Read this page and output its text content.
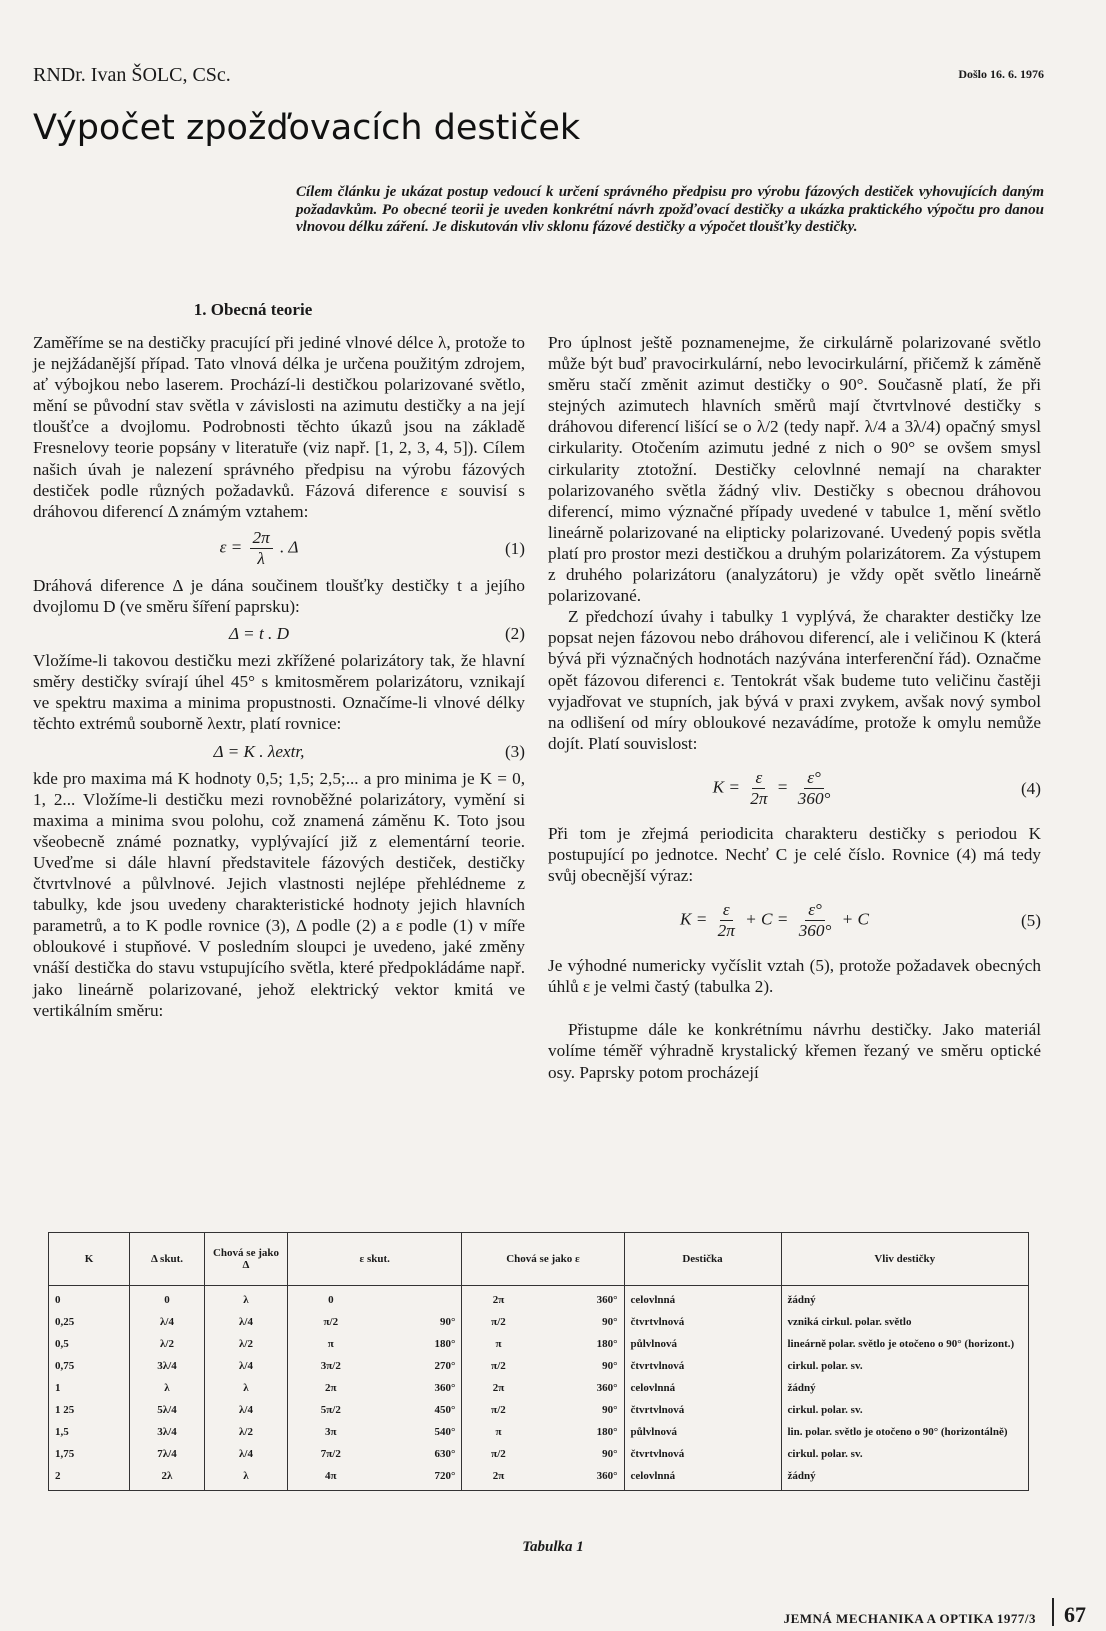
RNDr. Ivan ŠOLC, CSc.	Došlo 16. 6. 1976
Výpočet zpožďovacích destiček
Cílem článku je ukázat postup vedoucí k určení správného předpisu pro výrobu fázových destiček vyhovujících daným požadavkům. Po obecné teorii je uveden konkrétní návrh zpožďovací destičky a ukázka praktického výpočtu pro danou vlnovou délku záření. Je diskutován vliv sklonu fázové destičky a výpočet tloušťky destičky.
1. Obecná teorie

Zaměříme se na destičky pracující při jediné vlnové délce λ, protože to je nejžádanější případ. Tato vlnová délka je určena použitým zdrojem, ať výbojkou nebo laserem. Prochází-li destičkou polarizované světlo, mění se původní stav světla v závislosti na azimutu destičky a na její tloušťce a dvojlomu. Podrobnosti těchto úkazů jsou na základě Fresnelovy teorie popsány v literatuře (viz např. [1, 2, 3, 4, 5]). Cílem našich úvah je nalezení správného předpisu na výrobu fázových destiček podle různých požadavků. Fázová diference ε souvisí s dráhovou diferencí Δ známým vztahem:

$\varepsilon = \frac{2\pi}{\lambda}$ . Δ	(1)

Dráhová diference Δ je dána součinem tloušťky destičky t a jejího dvojlomu D (ve směru šíření paprsku):

Δ = t . D	(2)

Vložíme-li takovou destičku mezi zkřížené polarizátory tak, že hlavní směry destičky svírají úhel 45° s kmitosměrem polarizátoru, vznikají ve spektru maxima a minima propustnosti. Označíme-li vlnové délky těchto extrémů souborně λextr, platí rovnice:

Δ = K . λextr,	(3)

kde pro maxima má K hodnoty 0,5; 1,5; 2,5;... a pro minima je K = 0, 1, 2... Vložíme-li destičku mezi rovnoběžné polarizátory, vymění si maxima a minima svou polohu, což znamená záměnu K. Toto jsou všeobecně známé poznatky, vyplývající již z elementární teorie. Uveďme si dále hlavní představitele fázových destiček, destičky čtvrtvlnové a půlvlnové. Jejich vlastnosti nejlépe přehlédneme z tabulky, kde jsou uvedeny charakteristické hodnoty jejich hlavních parametrů, a to K podle rovnice (3), Δ podle (2) a ε podle (1) v míře obloukové i stupňové. V posledním sloupci je uvedeno, jaké změny vnáší destička do stavu vstupujícího světla, které předpokládáme např. jako lineárně polarizované, jehož elektrický vektor kmitá ve vertikálním směru:

Pro úplnost ještě poznamenejme, že cirkulárně polarizované světlo může být buď pravocirkulární, nebo levocirkulární, přičemž k záměně směru stačí změnit azimut destičky o 90°. Současně platí, že při stejných azimutech hlavních směrů mají čtvrtvlnové destičky s dráhovou diferencí lišící se o λ/2 (tedy např. λ/4 a 3λ/4) opačný smysl cirkularity. Otočením azimutu jedné z nich o 90° se ovšem smysl cirkularity ztotožní. Destičky celovlnné nemají na charakter polarizovaného světla žádný vliv. Destičky s obecnou dráhovou diferencí, mimo význačné případy uvedené v tabulce 1, mění světlo lineárně polarizované na elipticky polarizované. Uvedený popis světla platí pro prostor mezi destičkou a druhým polarizátorem. Za výstupem z druhého polarizátoru (analyzátoru) je vždy opět světlo lineárně polarizované.

Z předchozí úvahy i tabulky 1 vyplývá, že charakter destičky lze popsat nejen fázovou nebo dráhovou diferencí, ale i veličinou K (která bývá při význačných hodnotách nazývána interferenční řád). Označme opět fázovou diferenci ε. Tentokrát však budeme tuto veličinu častěji vyjadřovat ve stupních, jak bývá v praxi zvykem, avšak nový symbol na odlišení od míry obloukové nezavádíme, protože k omylu nemůže dojít. Platí souvislost:

$K = \frac{\varepsilon}{2\pi} = \frac{\varepsilon^\circ}{360^\circ}$	(4)

Při tom je zřejmá periodicita charakteru destičky s periodou K postupující po jednotce. Nechť C je celé číslo. Rovnice (4) má tedy svůj obecnější výraz:

$K = \frac{\varepsilon}{2\pi} + C = \frac{\varepsilon^\circ}{360^\circ} + C$	(5)

Je výhodné numericky vyčíslit vztah (5), protože požadavek obecných úhlů ε je velmi častý (tabulka 2).

Přistupme dále ke konkrétnímu návrhu destičky. Jako materiál volíme téměř výhradně krystalický křemen řezaný ve směru optické osy. Paprsky potom procházejí

K	Δ skut.	Chová se jako Δ	ε skut.		Chová se jako ε		Destička	Vliv destičky
0	0	λ	0		2π	360°	celovlnná	žádný
0,25	λ/4	λ/4	π/2	90°	π/2	90°	čtvrtvlnová	vzniká cirkul. polar. světlo
0,5	λ/2	λ/2	π	180°	π	180°	půlvlnová	lineárně polar. světlo je otočeno o 90° (horizont.)
0,75	3λ/4	λ/4	3π/2	270°	π/2	90°	čtvrtvlnová	cirkul. polar. sv.
1	λ	λ	2π	360°	2π	360°	celovlnná	žádný
1 25	5λ/4	λ/4	5π/2	450°	π/2	90°	čtvrtvlnová	cirkul. polar. sv.
1,5	3λ/4	λ/2	3π	540°	π	180°	půlvlnová	lin. polar. světlo je otočeno o 90° (horizontálně)
1,75	7λ/4	λ/4	7π/2	630°	π/2	90°	čtvrtvlnová	cirkul. polar. sv.
2	2λ	λ	4π	720°	2π	360°	celovlnná	žádný
Tabulka 1
JEMNÁ MECHANIKA A OPTIKA 1977/3 67
